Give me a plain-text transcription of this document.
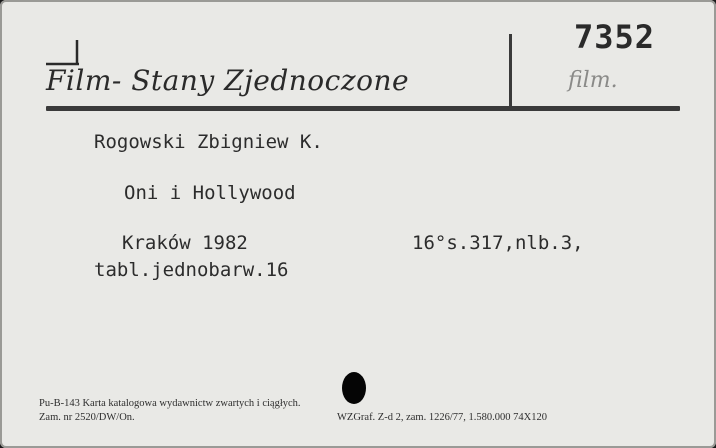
Film- Stany Zjednoczone
7352
film.
Rogowski Zbigniew K.
Oni i Hollywood
Kraków 1982	16°s.317,nlb.3,
tabl.jednobarw.16
Pu-B-143 Karta katalogowa wydawnictw zwartych i ciągłych.
Zam. nr 2520/DW/On.	WZGraf. Z-d 2, zam. 1226/77, 1.580.000 74X120
